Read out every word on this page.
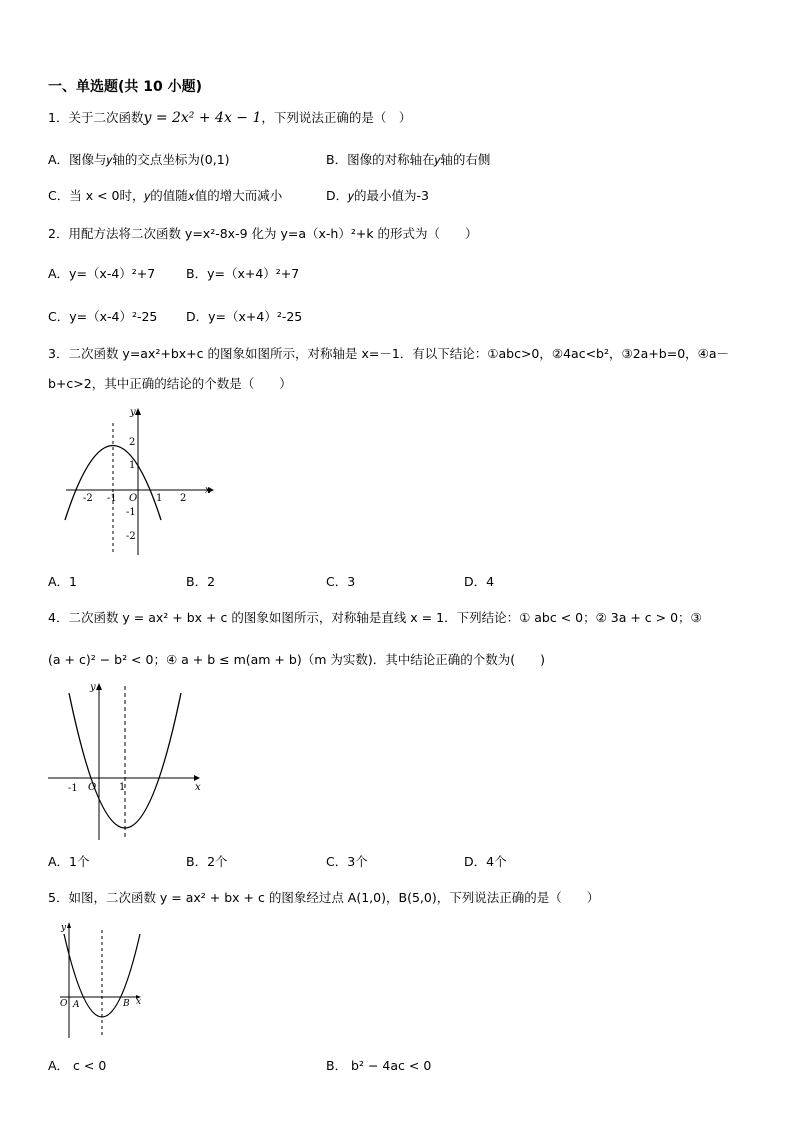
一、单选题(共 10 小题)
1．关于二次函数y = 2x² + 4x − 1，下列说法正确的是（　）
A．图像与𝑦轴的交点坐标为(0,1)	B．图像的对称轴在𝑦轴的右侧
C．当 x < 0时，𝑦的值随𝑥值的增大而减小	D．𝑦的最小值为-3
2．用配方法将二次函数 y=x²-8x-9 化为 y=a（x-h）²+k 的形式为（　　）
A．y=（x-4）²+7 B．y=（x+4）²+7
C．y=（x-4）²-25 D．y=（x+4）²-25
3．二次函数 y=ax²+bx+c 的图象如图所示，对称轴是 x=－1．有以下结论：①abc>0，②4ac<b²，③2a+b=0，④a－
b+c>2，其中正确的结论的个数是（　　）
x
y
O
-2 -1	1 2
2
1
-1
-2
A．1	B．2	C．3	D．4
4．二次函数 y = ax² + bx + c 的图象如图所示，对称轴是直线 x = 1．下列结论：① abc < 0；② 3a + c > 0；③
(a + c)² − b² < 0；④ a + b ≤ m(am + b)（m 为实数)．其中结论正确的个数为(　　)
x
y
O
-1	1
A．1个	B．2个	C．3个	D．4个
5．如图，二次函数 y = ax² + bx + c 的图象经过点 A(1,0)，B(5,0)，下列说法正确的是（　　）
x
y
O A	B
A． c < 0	B． b² − 4ac < 0
